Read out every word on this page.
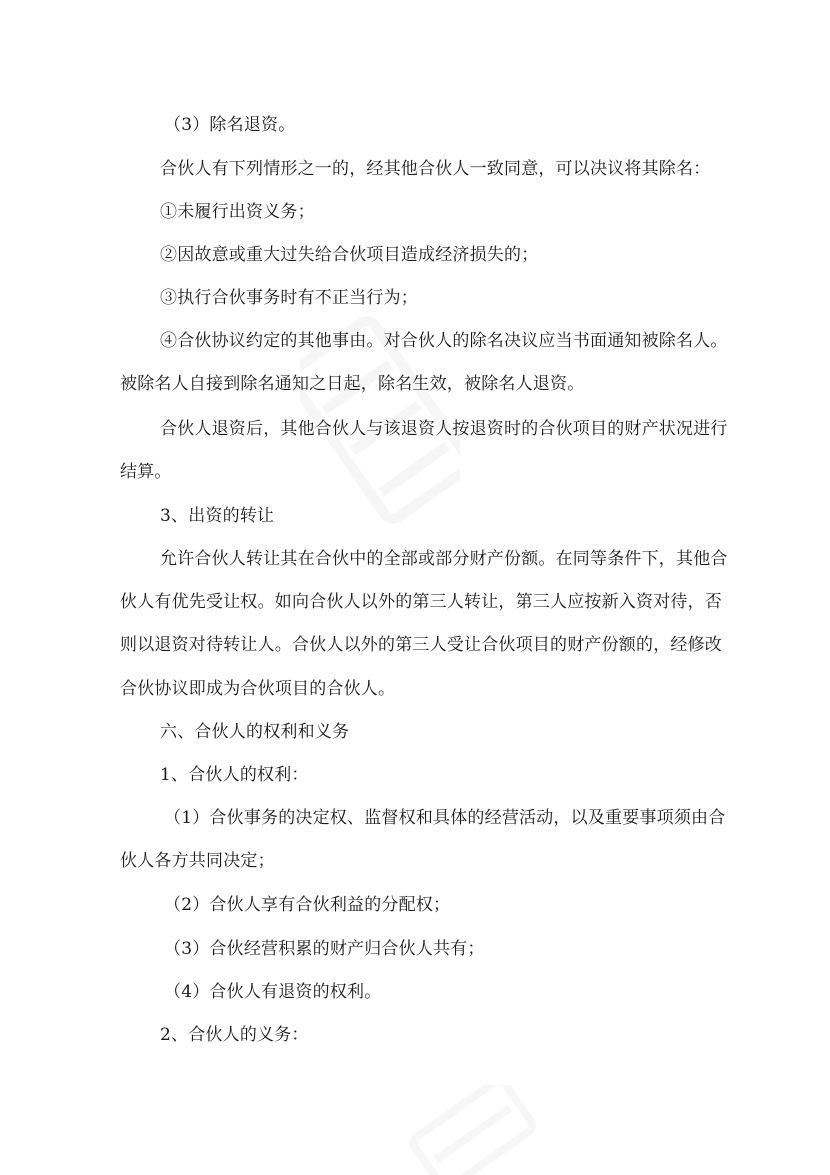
（3）除名退资。
合伙人有下列情形之一的，经其他合伙人一致同意，可以决议将其除名：
①未履行出资义务；
②因故意或重大过失给合伙项目造成经济损失的；
③执行合伙事务时有不正当行为；
④合伙协议约定的其他事由。对合伙人的除名决议应当书面通知被除名人。
被除名人自接到除名通知之日起，除名生效，被除名人退资。
合伙人退资后，其他合伙人与该退资人按退资时的合伙项目的财产状况进行
结算。
3、出资的转让
允许合伙人转让其在合伙中的全部或部分财产份额。在同等条件下，其他合
伙人有优先受让权。如向合伙人以外的第三人转让，第三人应按新入资对待，否
则以退资对待转让人。合伙人以外的第三人受让合伙项目的财产份额的，经修改
合伙协议即成为合伙项目的合伙人。
六、合伙人的权利和义务
1、合伙人的权利：
（1）合伙事务的决定权、监督权和具体的经营活动，以及重要事项须由合
伙人各方共同决定；
（2）合伙人享有合伙利益的分配权；
（3）合伙经营积累的财产归合伙人共有；
（4）合伙人有退资的权利。
2、合伙人的义务：
